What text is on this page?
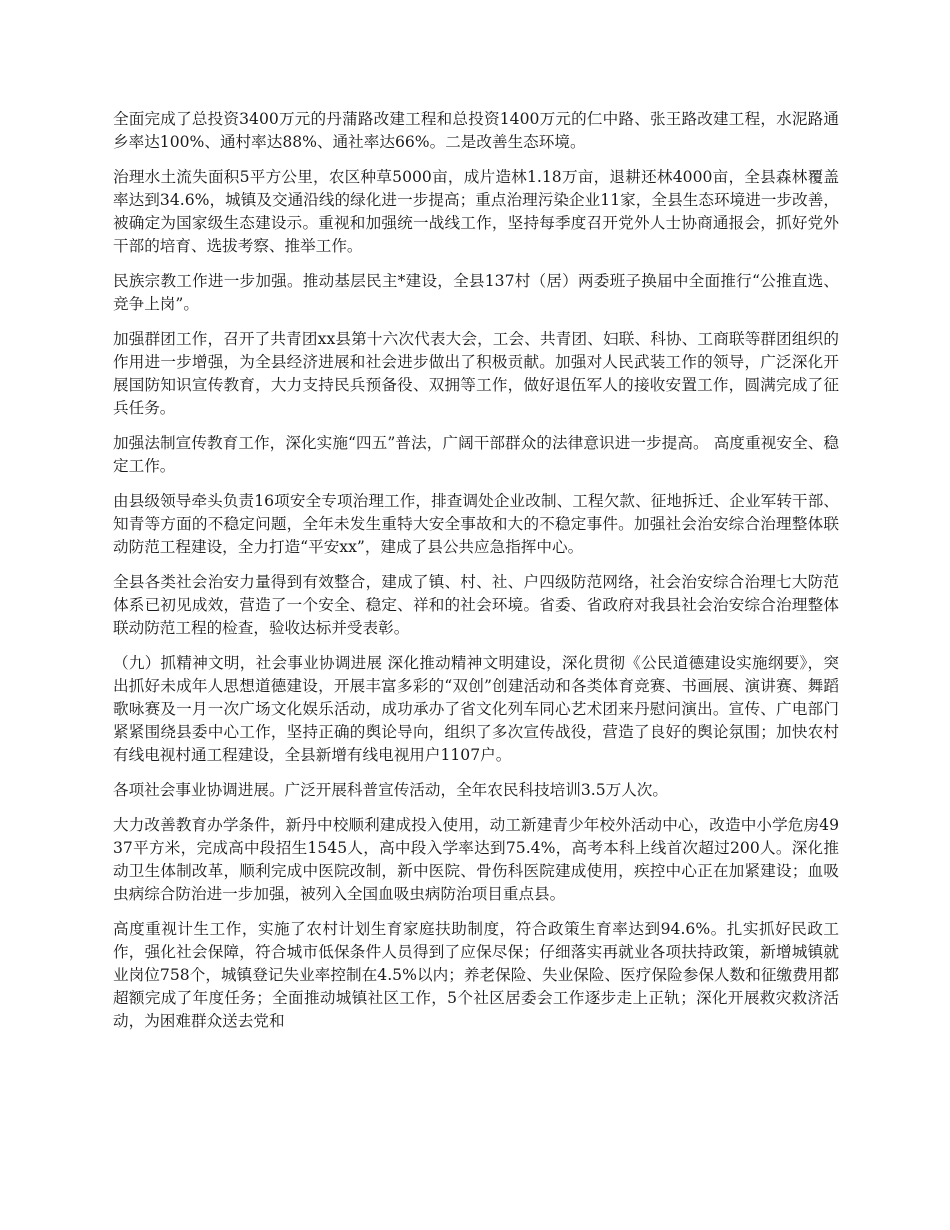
全面完成了总投资3400万元的丹蒲路改建工程和总投资1400万元的仁中路、张王路改建工程，水泥路通乡率达100%、通村率达88%、通社率达66%。二是改善生态环境。

治理水土流失面积5平方公里，农区种草5000亩，成片造林1.18万亩，退耕还林4000亩，全县森林覆盖率达到34.6%，城镇及交通沿线的绿化进一步提高；重点治理污染企业11家，全县生态环境进一步改善，被确定为国家级生态建设示。重视和加强统一战线工作，坚持每季度召开党外人士协商通报会，抓好党外干部的培育、选拔考察、推举工作。

民族宗教工作进一步加强。推动基层民主*建设，全县137村（居）两委班子换届中全面推行“公推直选、竞争上岗”。

加强群团工作，召开了共青团xx县第十六次代表大会，工会、共青团、妇联、科协、工商联等群团组织的作用进一步增强，为全县经济进展和社会进步做出了积极贡献。加强对人民武装工作的领导，广泛深化开展国防知识宣传教育，大力支持民兵预备役、双拥等工作，做好退伍军人的接收安置工作，圆满完成了征兵任务。

加强法制宣传教育工作，深化实施“四五”普法，广阔干部群众的法律意识进一步提高。 高度重视安全、稳定工作。

由县级领导牵头负责16项安全专项治理工作，排查调处企业改制、工程欠款、征地拆迁、企业军转干部、知青等方面的不稳定问题，全年未发生重特大安全事故和大的不稳定事件。加强社会治安综合治理整体联动防范工程建设，全力打造“平安xx”，建成了县公共应急指挥中心。

全县各类社会治安力量得到有效整合，建成了镇、村、社、户四级防范网络，社会治安综合治理七大防范体系已初见成效，营造了一个安全、稳定、祥和的社会环境。省委、省政府对我县社会治安综合治理整体联动防范工程的检查，验收达标并受表彰。

（九）抓精神文明，社会事业协调进展 深化推动精神文明建设，深化贯彻《公民道德建设实施纲要》，突出抓好未成年人思想道德建设，开展丰富多彩的“双创”创建活动和各类体育竞赛、书画展、演讲赛、舞蹈歌咏赛及一月一次广场文化娱乐活动，成功承办了省文化列车同心艺术团来丹慰问演出。宣传、广电部门紧紧围绕县委中心工作，坚持正确的舆论导向，组织了多次宣传战役，营造了良好的舆论氛围；加快农村有线电视村通工程建设，全县新增有线电视用户1107户。

各项社会事业协调进展。广泛开展科普宣传活动，全年农民科技培训3.5万人次。

大力改善教育办学条件，新丹中校顺利建成投入使用，动工新建青少年校外活动中心，改造中小学危房4937平方米，完成高中段招生1545人，高中段入学率达到75.4%，高考本科上线首次超过200人。深化推动卫生体制改革，顺利完成中医院改制，新中医院、骨伤科医院建成使用，疾控中心正在加紧建设；血吸虫病综合防治进一步加强，被列入全国血吸虫病防治项目重点县。

高度重视计生工作，实施了农村计划生育家庭扶助制度，符合政策生育率达到94.6%。扎实抓好民政工作，强化社会保障，符合城市低保条件人员得到了应保尽保；仔细落实再就业各项扶持政策，新增城镇就业岗位758个，城镇登记失业率控制在4.5%以内；养老保险、失业保险、医疗保险参保人数和征缴费用都超额完成了年度任务；全面推动城镇社区工作，5个社区居委会工作逐步走上正轨；深化开展救灾救济活动，为困难群众送去党和
